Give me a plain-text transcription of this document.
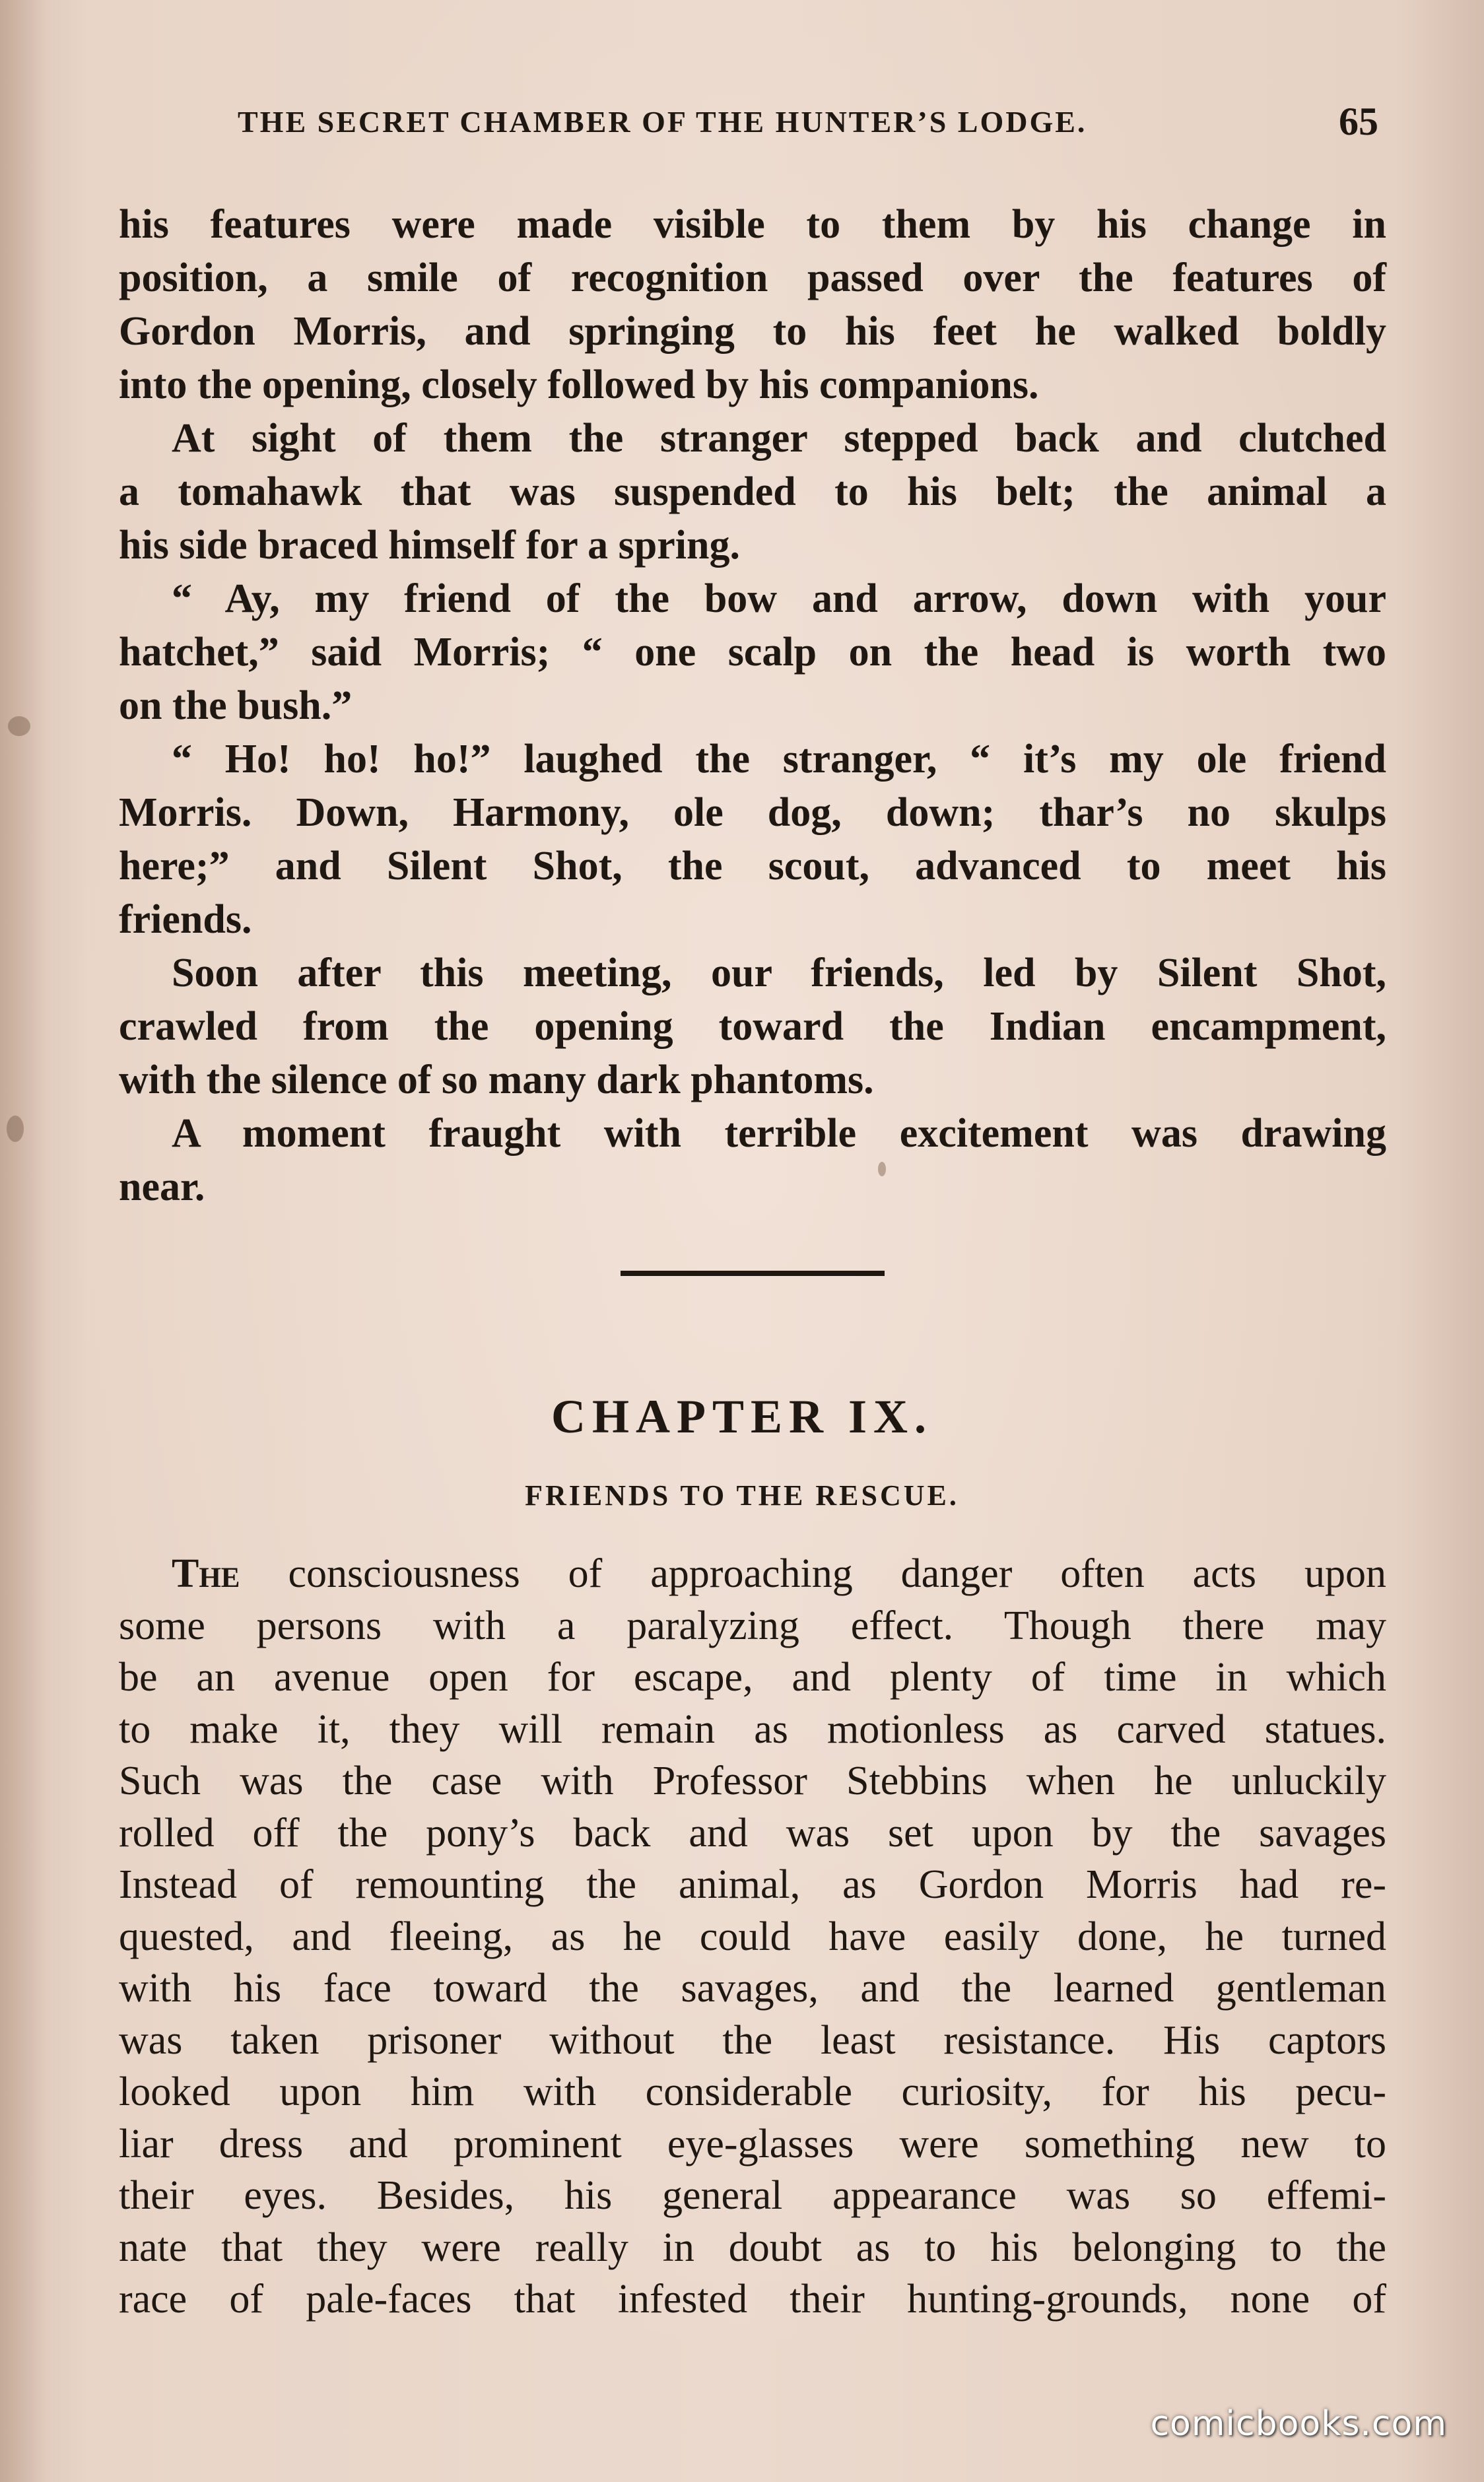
THE SECRET CHAMBER OF THE HUNTER’S LODGE.	65
his features were made visible to them by his change in
position, a smile of recognition passed over the features of
Gordon Morris, and springing to his feet he walked boldly
into the opening, closely followed by his companions.
At sight of them the stranger stepped back and clutched
a tomahawk that was suspended to his belt; the animal a
his side braced himself for a spring.
“ Ay, my friend of the bow and arrow, down with your
hatchet,” said Morris; “ one scalp on the head is worth two
on the bush.”
“ Ho! ho! ho!” laughed the stranger, “ it’s my ole friend
Morris. Down, Harmony, ole dog, down; thar’s no skulps
here;” and Silent Shot, the scout, advanced to meet his
friends.
Soon after this meeting, our friends, led by Silent Shot,
crawled from the opening toward the Indian encampment,
with the silence of so many dark phantoms.
A moment fraught with terrible excitement was drawing
near.
CHAPTER IX.
FRIENDS TO THE RESCUE.
The consciousness of approaching danger often acts upon
some persons with a paralyzing effect. Though there may
be an avenue open for escape, and plenty of time in which
to make it, they will remain as motionless as carved statues.
Such was the case with Professor Stebbins when he unluckily
rolled off the pony’s back and was set upon by the savages
Instead of remounting the animal, as Gordon Morris had re-
quested, and fleeing, as he could have easily done, he turned
with his face toward the savages, and the learned gentleman
was taken prisoner without the least resistance. His captors
looked upon him with considerable curiosity, for his pecu-
liar dress and prominent eye-glasses were something new to
their eyes. Besides, his general appearance was so effemi-
nate that they were really in doubt as to his belonging to the
race of pale-faces that infested their hunting-grounds, none of
comicbooks.com
